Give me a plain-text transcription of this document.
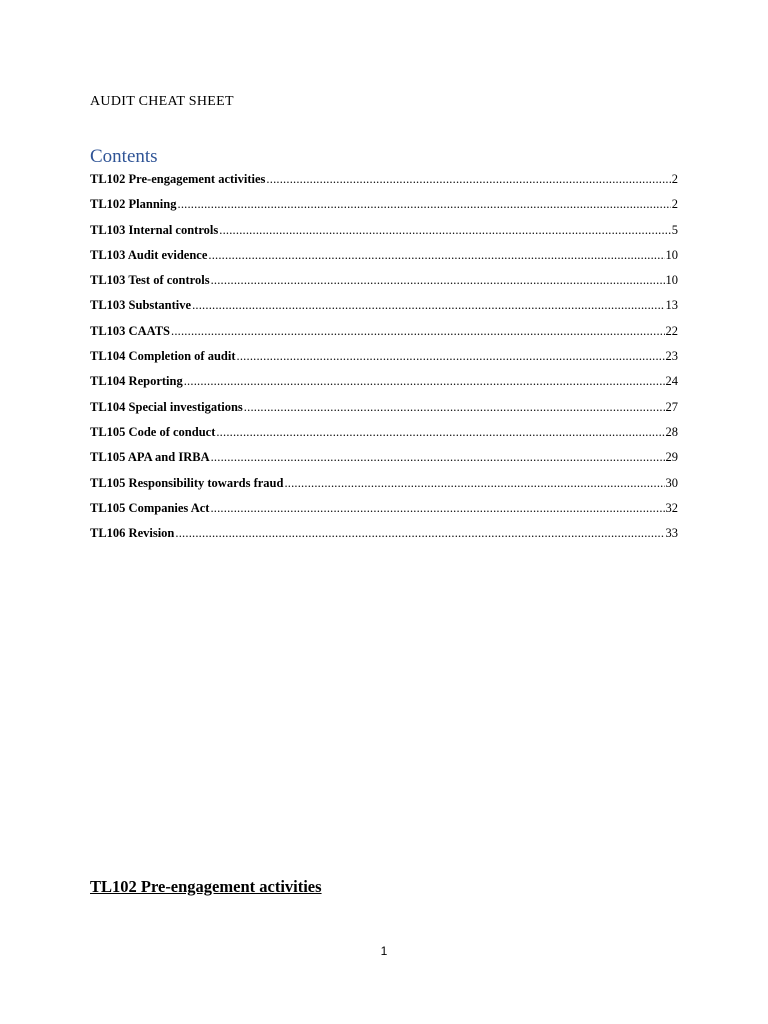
AUDIT CHEAT SHEET
Contents
TL102 Pre-engagement activities .....	2
TL102 Planning .....	2
TL103 Internal controls .....	5
TL103 Audit evidence .....	10
TL103 Test of controls .....	10
TL103 Substantive .....	13
TL103 CAATS .....	22
TL104 Completion of audit .....	23
TL104 Reporting .....	24
TL104 Special investigations .....	27
TL105 Code of conduct .....	28
TL105 APA and IRBA .....	29
TL105 Responsibility towards fraud .....	30
TL105 Companies Act .....	32
TL106 Revision .....	33
TL102 Pre-engagement activities
1
